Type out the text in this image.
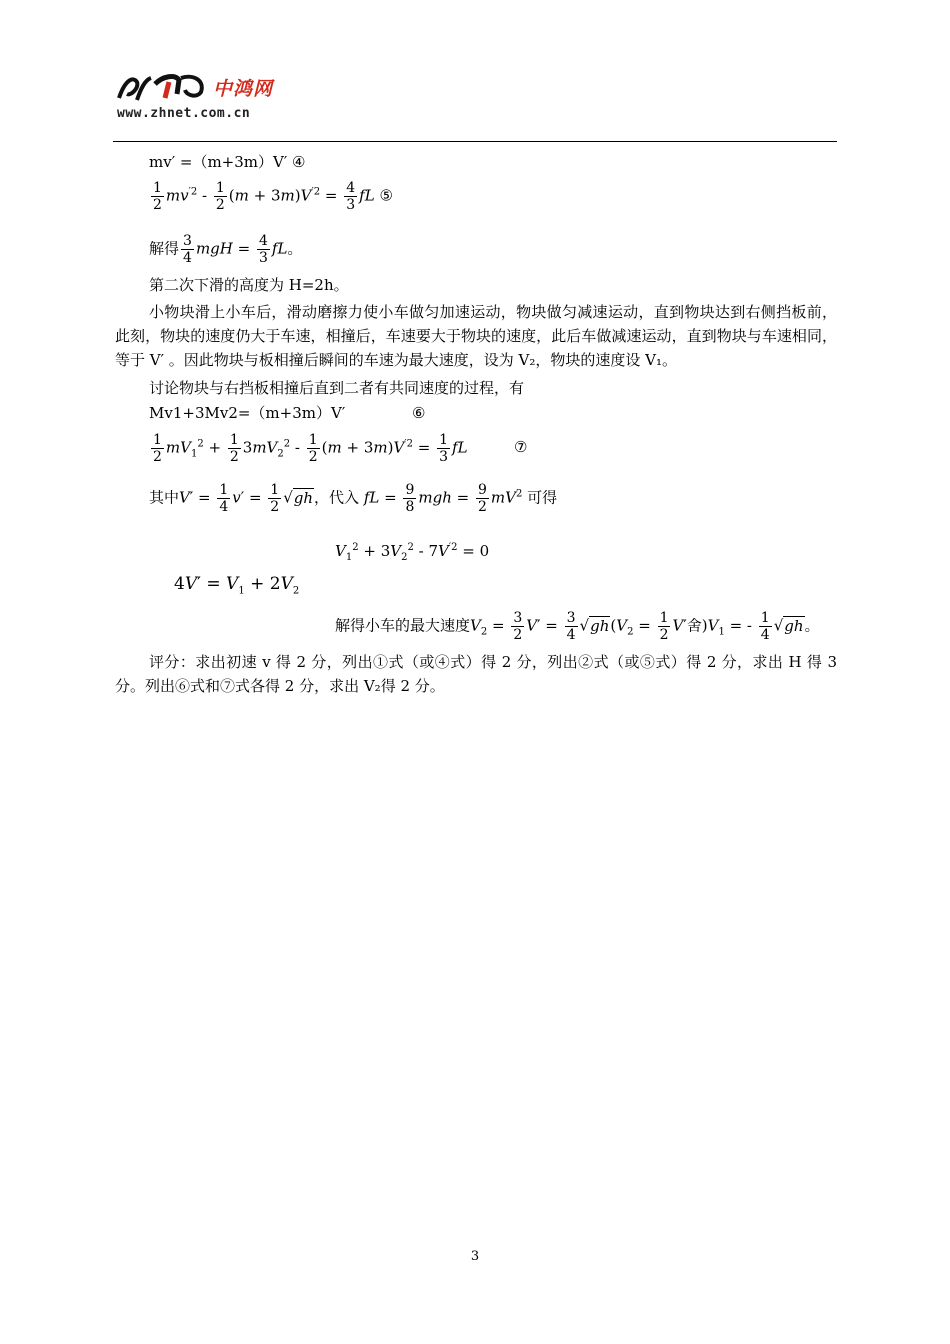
中鸿网
www.zhnet.com.cn
mv′ =（m+3m）V′ ④
$\frac{1}{2} mv^{'2} - \frac{1}{2} (m + 3m)V^{'2} = \frac{4}{3}$ fL ⑤
解得 $\frac{3}{4}$ mgH = $\frac{4}{3}$ fL。
第二次下滑的高度为 H=2h。
小物块滑上小车后，滑动磨擦力使小车做匀加速运动，物块做匀减速运动，直到物块达到右侧挡板前，此刻，物块的速度仍大于车速，相撞后，车速要大于物块的速度，此后车做减速运动，直到物块与车速相同，等于 V′ 。因此物块与板相撞后瞬间的车速为最大速度，设为 V₂，物块的速度设 V₁。
讨论物块与右挡板相撞后直到二者有共同速度的过程，有
Mv1+3Mv2=（m+3m）V′	⑥
$\frac{1}{2} mV_1^2 + \frac{1}{2} 3mV_2^2 - \frac{1}{2} (m + 3m)V^{'2} = \frac{1}{3}$ fL	⑦
其中$V' = \frac{1}{4} v' = \frac{1}{2} √gh$，代入 fL = $\frac{9}{8}$ mgh = $\frac{9}{2} mV^2$ 可得
$V_1^2 + 3V_2^2 - 7V^{'2} = 0$
$4V' = V_1 + 2V_2$
解得小车的最大速度$V_2 = \frac{3}{2} V' = \frac{3}{4} √gh(V_2 = \frac{1}{2} V'$舍)$V_1$ = - $\frac{1}{4} √gh$。
评分：求出初速 v 得 2 分，列出①式（或④式）得 2 分，列出②式（或⑤式）得 2 分，求出 H 得 3 分。列出⑥式和⑦式各得 2 分，求出 V₂得 2 分。
3
